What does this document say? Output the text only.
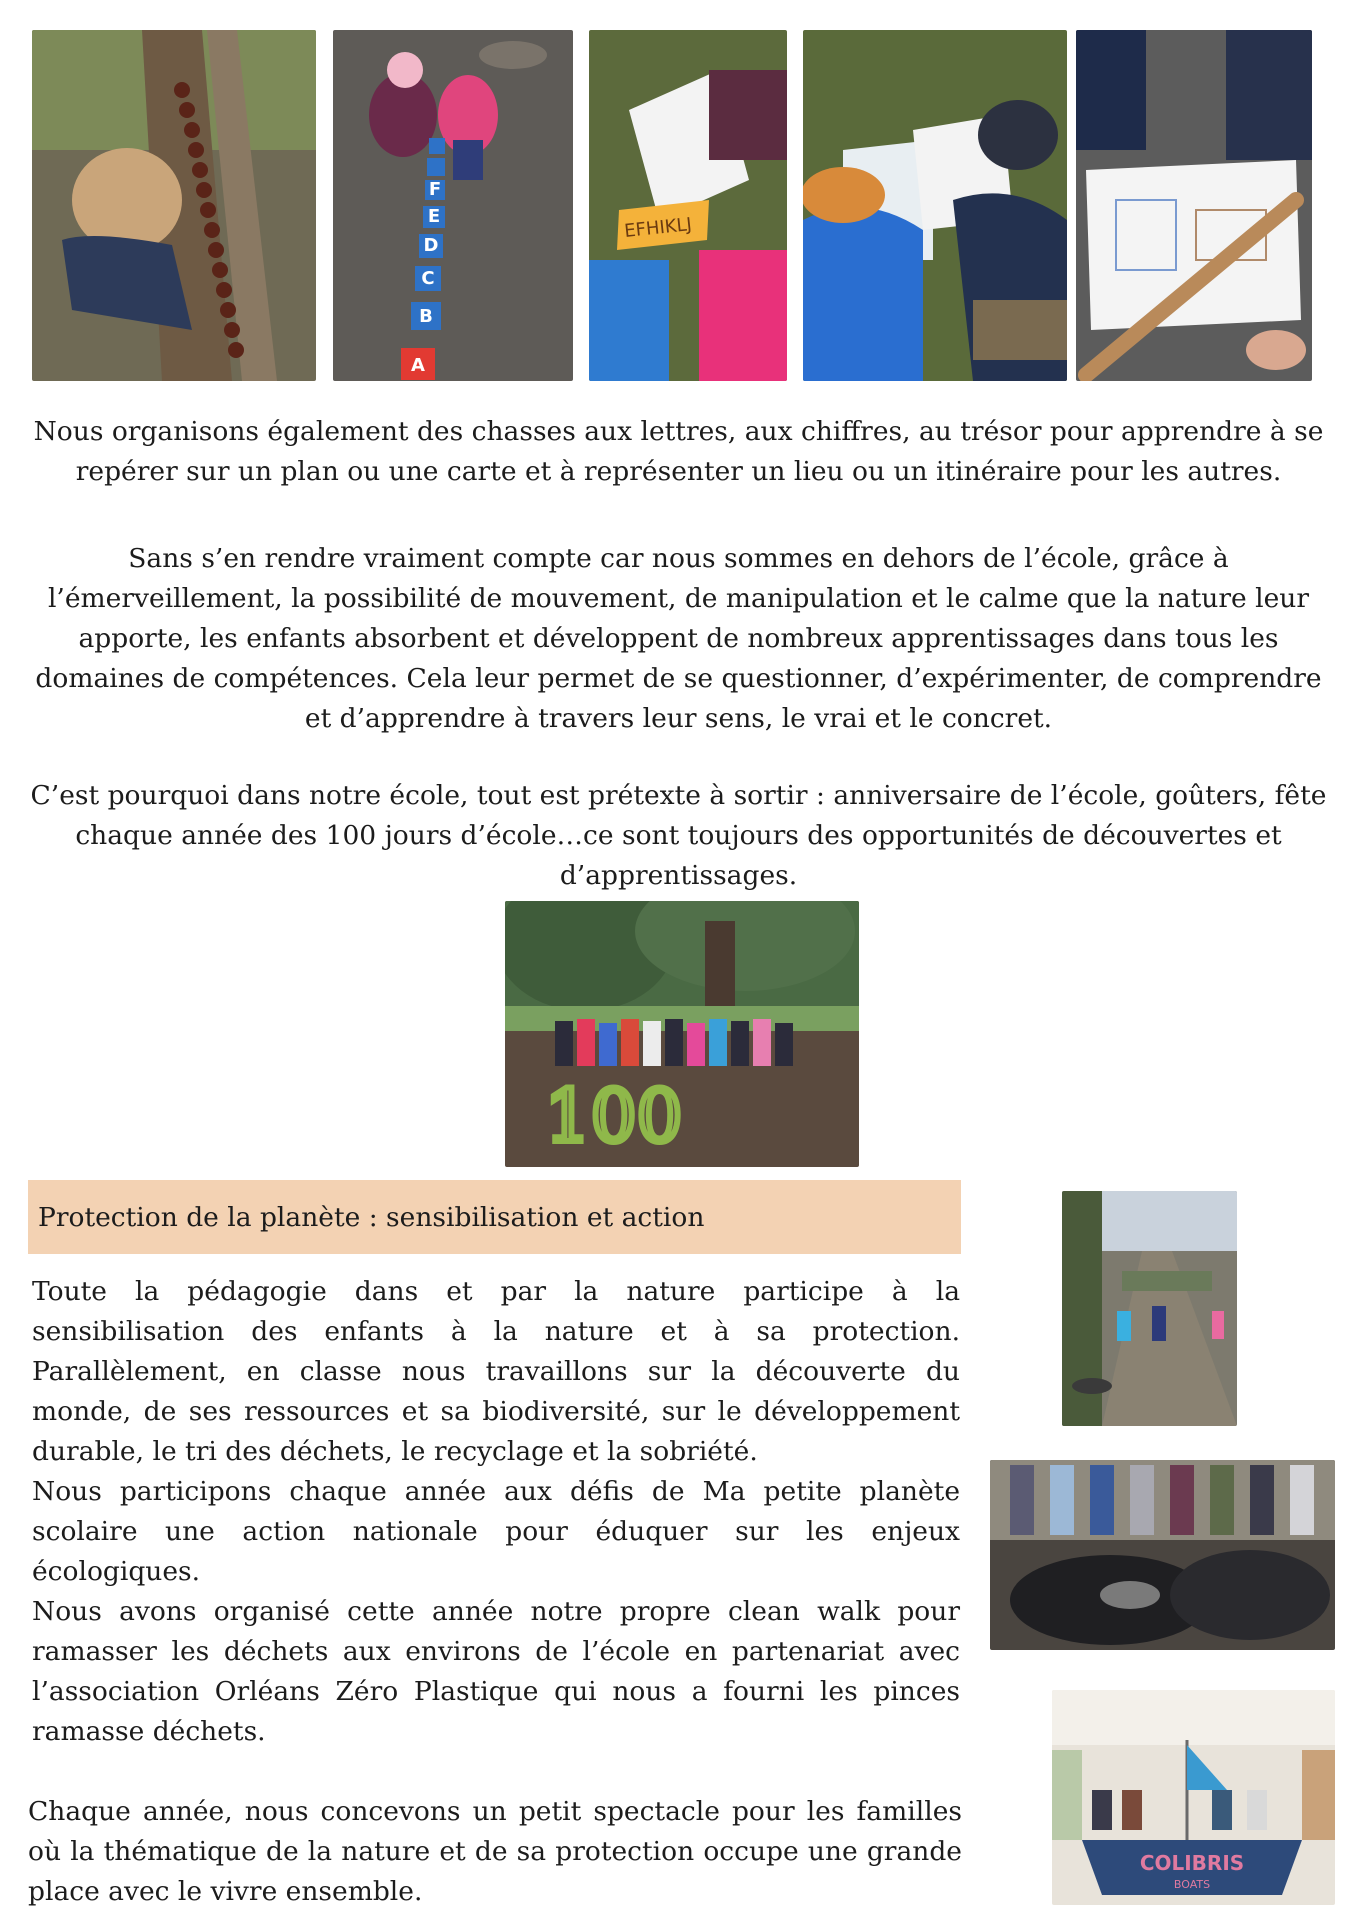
A
B
C
D
E
F
EFHIKLJ

Nous organisons également des chasses aux lettres, aux chiffres, au trésor pour apprendre à se repérer sur un plan ou une carte et à représenter un lieu ou un itinéraire pour les autres.

Sans s’en rendre vraiment compte car nous sommes en dehors de l’école, grâce à l’émerveillement, la possibilité de mouvement, de manipulation et le calme que la nature leur apporte, les enfants absorbent et développent de nombreux apprentissages dans tous les domaines de compétences. Cela leur permet de se questionner, d’expérimenter, de comprendre et d’apprendre à travers leur sens, le vrai et le concret.

C’est pourquoi dans notre école, tout est prétexte à sortir : anniversaire de l’école, goûters, fête chaque année des 100 jours d’école…ce sont toujours des opportunités de découvertes et d’apprentissages.

100
Protection de la planète : sensibilisation et action

Toute la pédagogie dans et par la nature participe à la sensibilisation des enfants à la nature et à sa protection. Parallèlement, en classe nous travaillons sur la découverte du monde, de ses ressources et sa biodiversité, sur le développement durable, le tri des déchets, le recyclage et la sobriété.

Nous participons chaque année aux défis de Ma petite planète scolaire une action nationale pour éduquer sur les enjeux écologiques.

Nous avons organisé cette année notre propre clean walk pour ramasser les déchets aux environs de l’école en partenariat avec l’association Orléans Zéro Plastique qui nous a fourni les pinces ramasse déchets.

Chaque année, nous concevons un petit spectacle pour les familles où la thématique de la nature et de sa protection occupe une grande place avec le vivre ensemble.

COLIBRIS
BOATS
